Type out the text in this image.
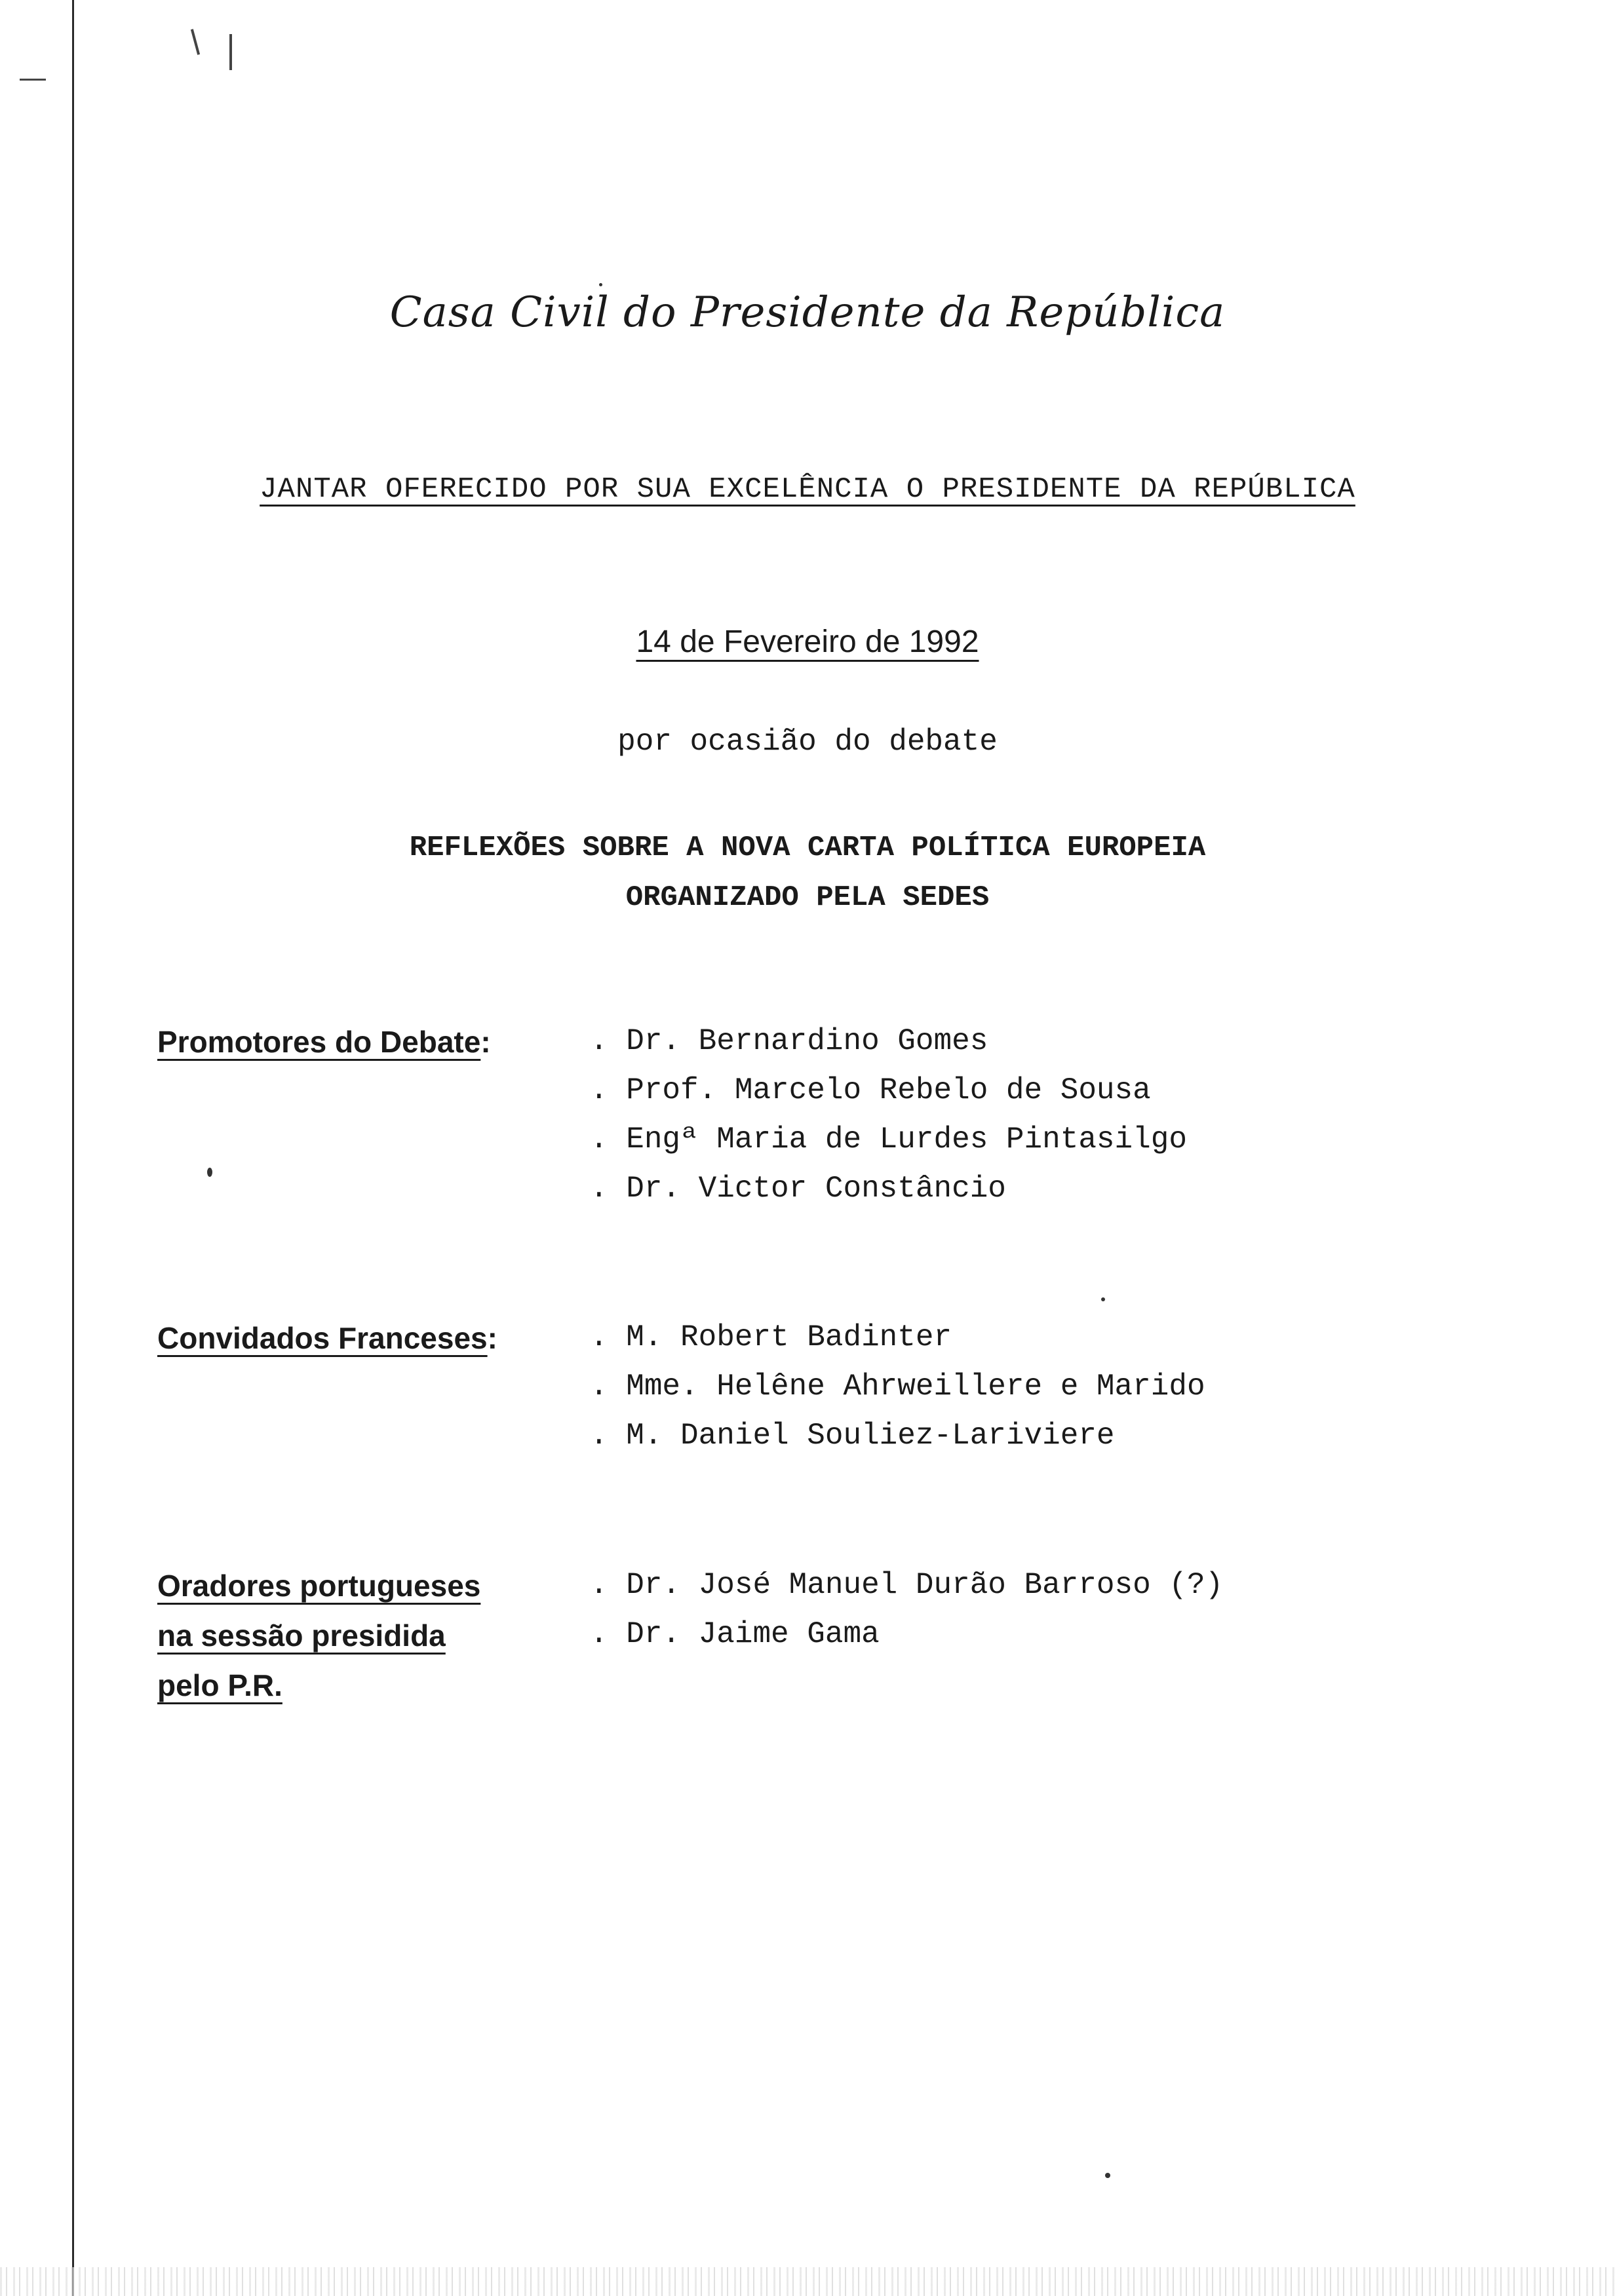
Casa Civil do Presidente da República
JANTAR OFERECIDO POR SUA EXCELÊNCIA O PRESIDENTE DA REPÚBLICA
14 de Fevereiro de 1992
por ocasião do debate
REFLEXÕES SOBRE A NOVA CARTA POLÍTICA EUROPEIA
ORGANIZADO PELA SEDES
Promotores do Debate:	. Dr. Bernardino Gomes
. Prof. Marcelo Rebelo de Sousa
. Engª Maria de Lurdes Pintasilgo
. Dr. Victor Constâncio
Convidados Franceses:	. M. Robert Badinter
. Mme. Helêne Ahrweillere e Marido
. M. Daniel Souliez-Lariviere
Oradores portugueses
na sessão presidida
pelo P.R.
. Dr. José Manuel Durão Barroso (?)
. Dr. Jaime Gama
